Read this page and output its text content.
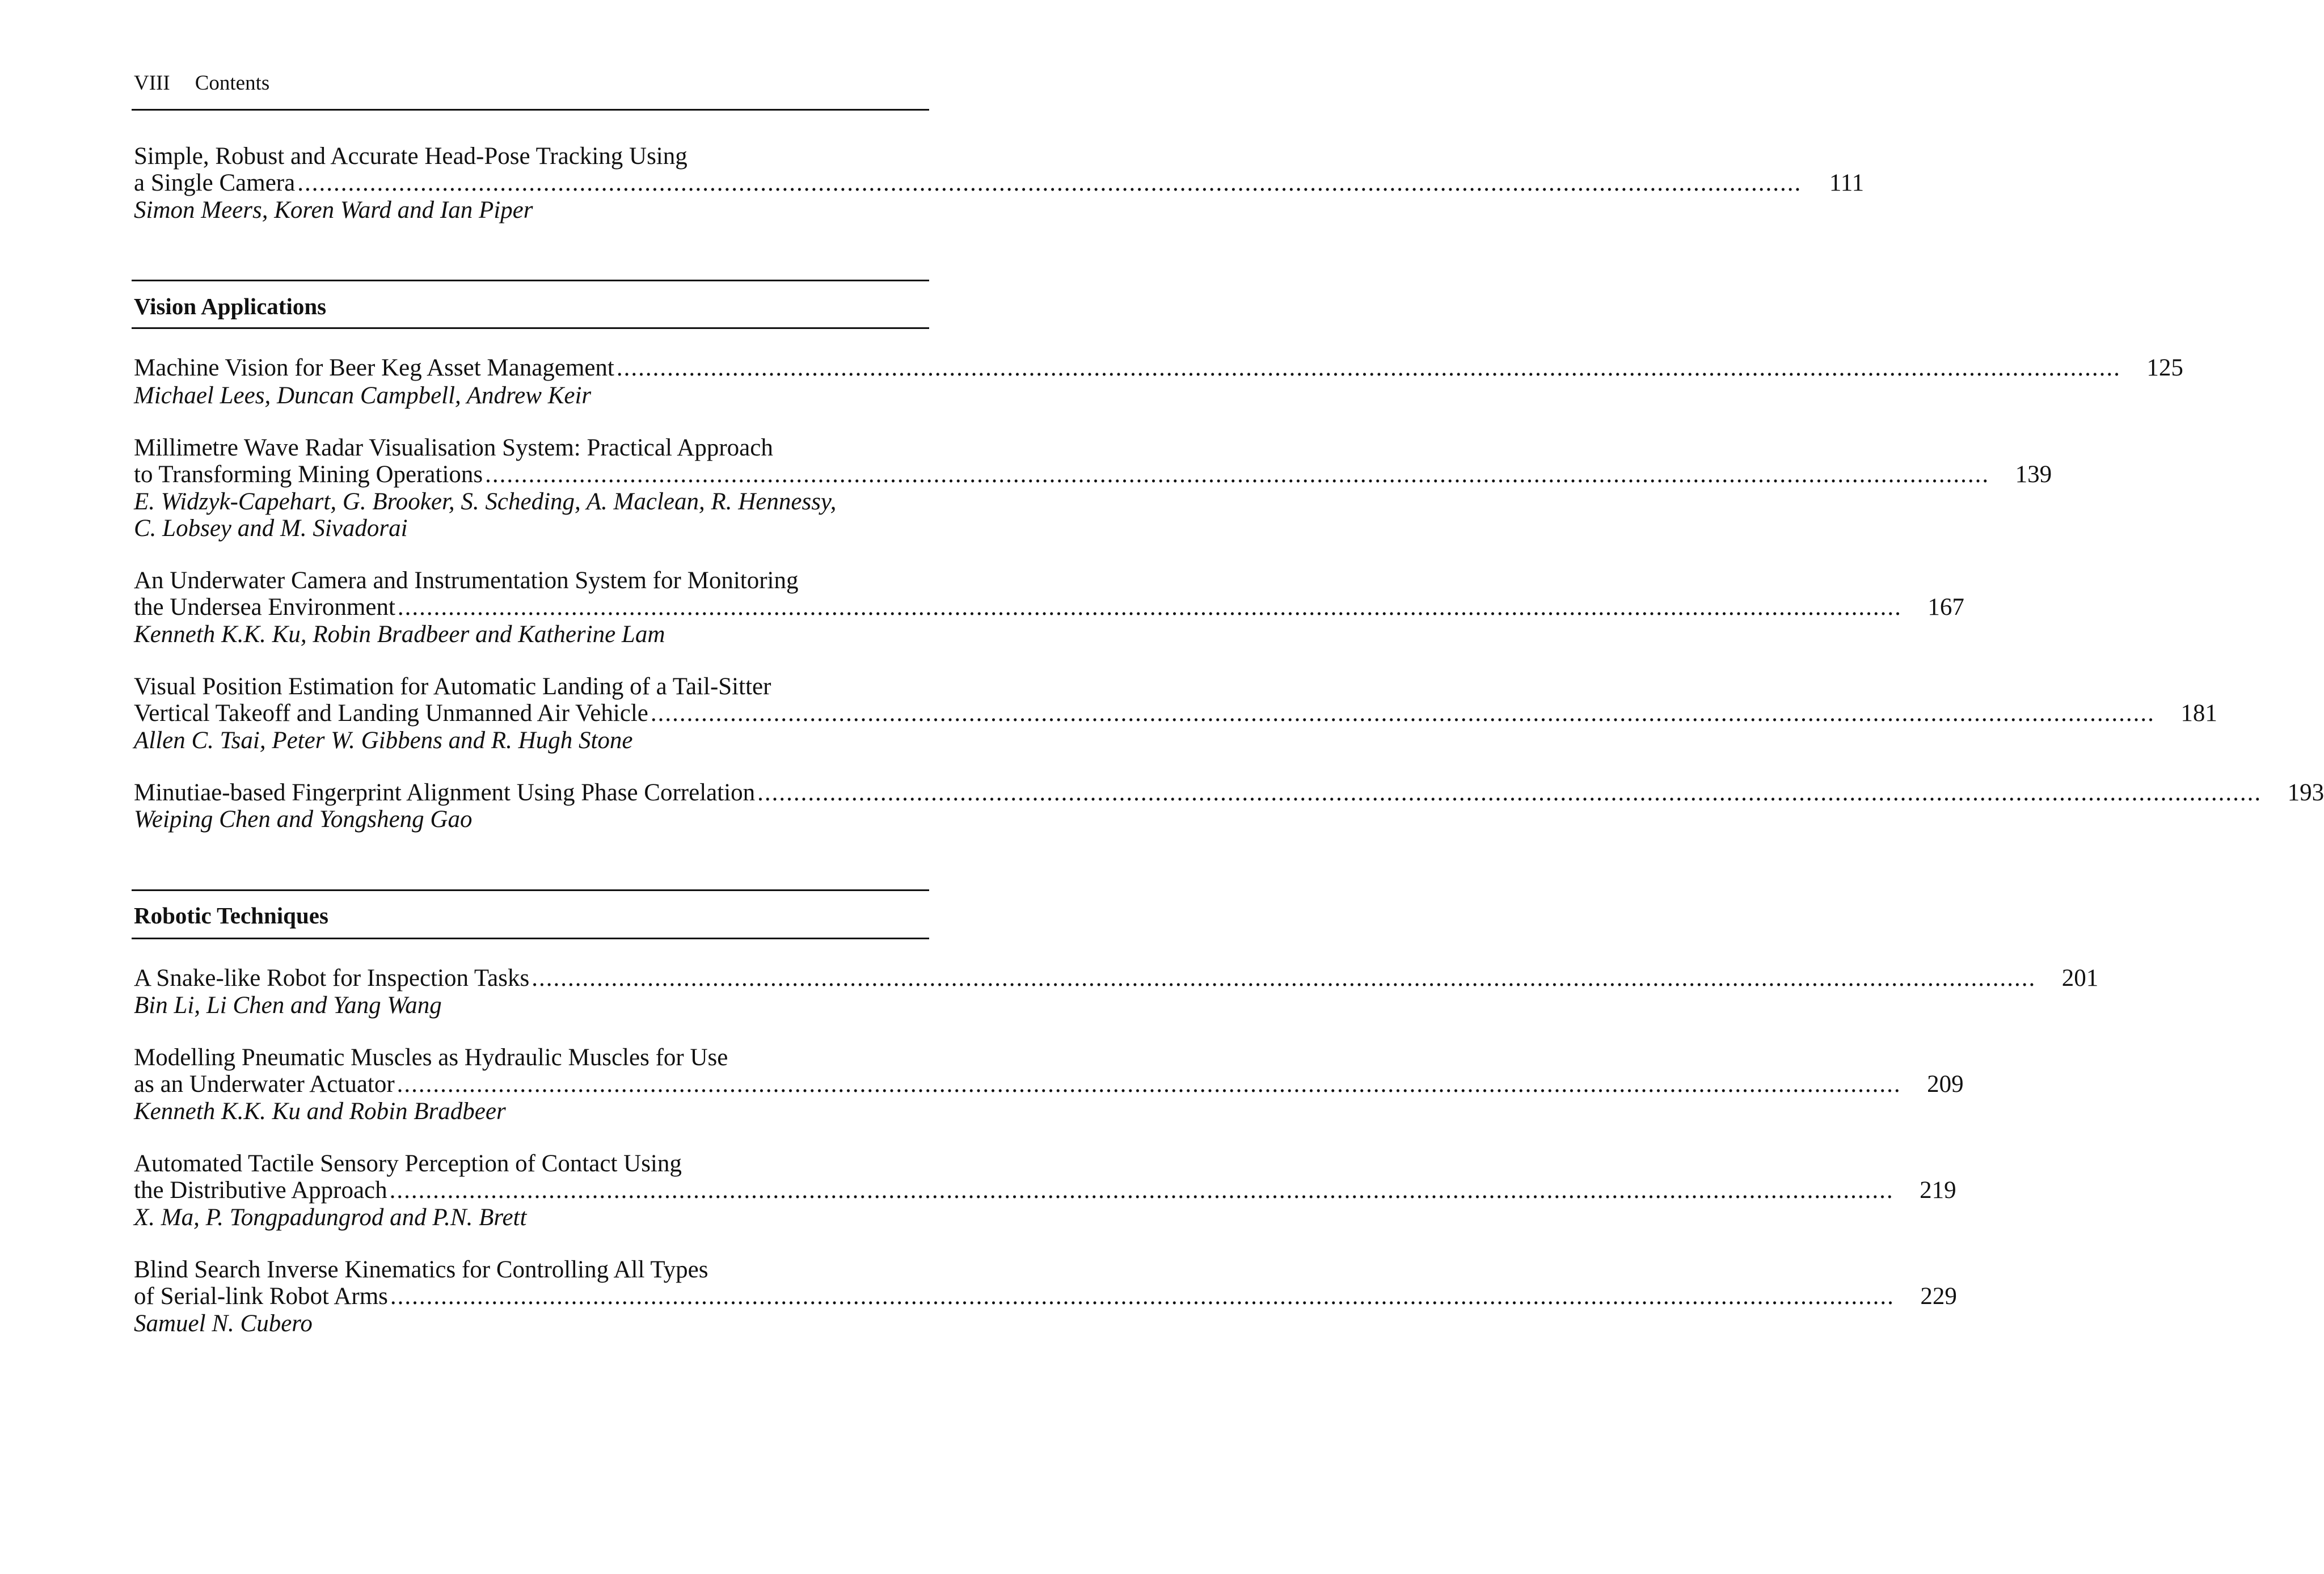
VIII Contents
Simple, Robust and Accurate Head-Pose Tracking Using
a Single Camera ................................................................................................................................................................................................................	111
Simon Meers, Koren Ward and Ian Piper
Vision Applications
Machine Vision for Beer Keg Asset Management ................................................................................................................................................................................................................	125
Michael Lees, Duncan Campbell, Andrew Keir
Millimetre Wave Radar Visualisation System: Practical Approach
to Transforming Mining Operations ................................................................................................................................................................................................................	139
E. Widzyk-Capehart, G. Brooker, S. Scheding, A. Maclean, R. Hennessy,
C. Lobsey and M. Sivadorai
An Underwater Camera and Instrumentation System for Monitoring
the Undersea Environment ................................................................................................................................................................................................................	167
Kenneth K.K. Ku, Robin Bradbeer and Katherine Lam
Visual Position Estimation for Automatic Landing of a Tail-Sitter
Vertical Takeoff and Landing Unmanned Air Vehicle ................................................................................................................................................................................................................	181
Allen C. Tsai, Peter W. Gibbens and R. Hugh Stone
Minutiae-based Fingerprint Alignment Using Phase Correlation ................................................................................................................................................................................................................	193
Weiping Chen and Yongsheng Gao
Robotic Techniques
A Snake-like Robot for Inspection Tasks ................................................................................................................................................................................................................	201
Bin Li, Li Chen and Yang Wang
Modelling Pneumatic Muscles as Hydraulic Muscles for Use
as an Underwater Actuator ................................................................................................................................................................................................................	209
Kenneth K.K. Ku and Robin Bradbeer
Automated Tactile Sensory Perception of Contact Using
the Distributive Approach ................................................................................................................................................................................................................	219
X. Ma, P. Tongpadungrod and P.N. Brett
Blind Search Inverse Kinematics for Controlling All Types
of Serial-link Robot Arms ................................................................................................................................................................................................................	229
Samuel N. Cubero
